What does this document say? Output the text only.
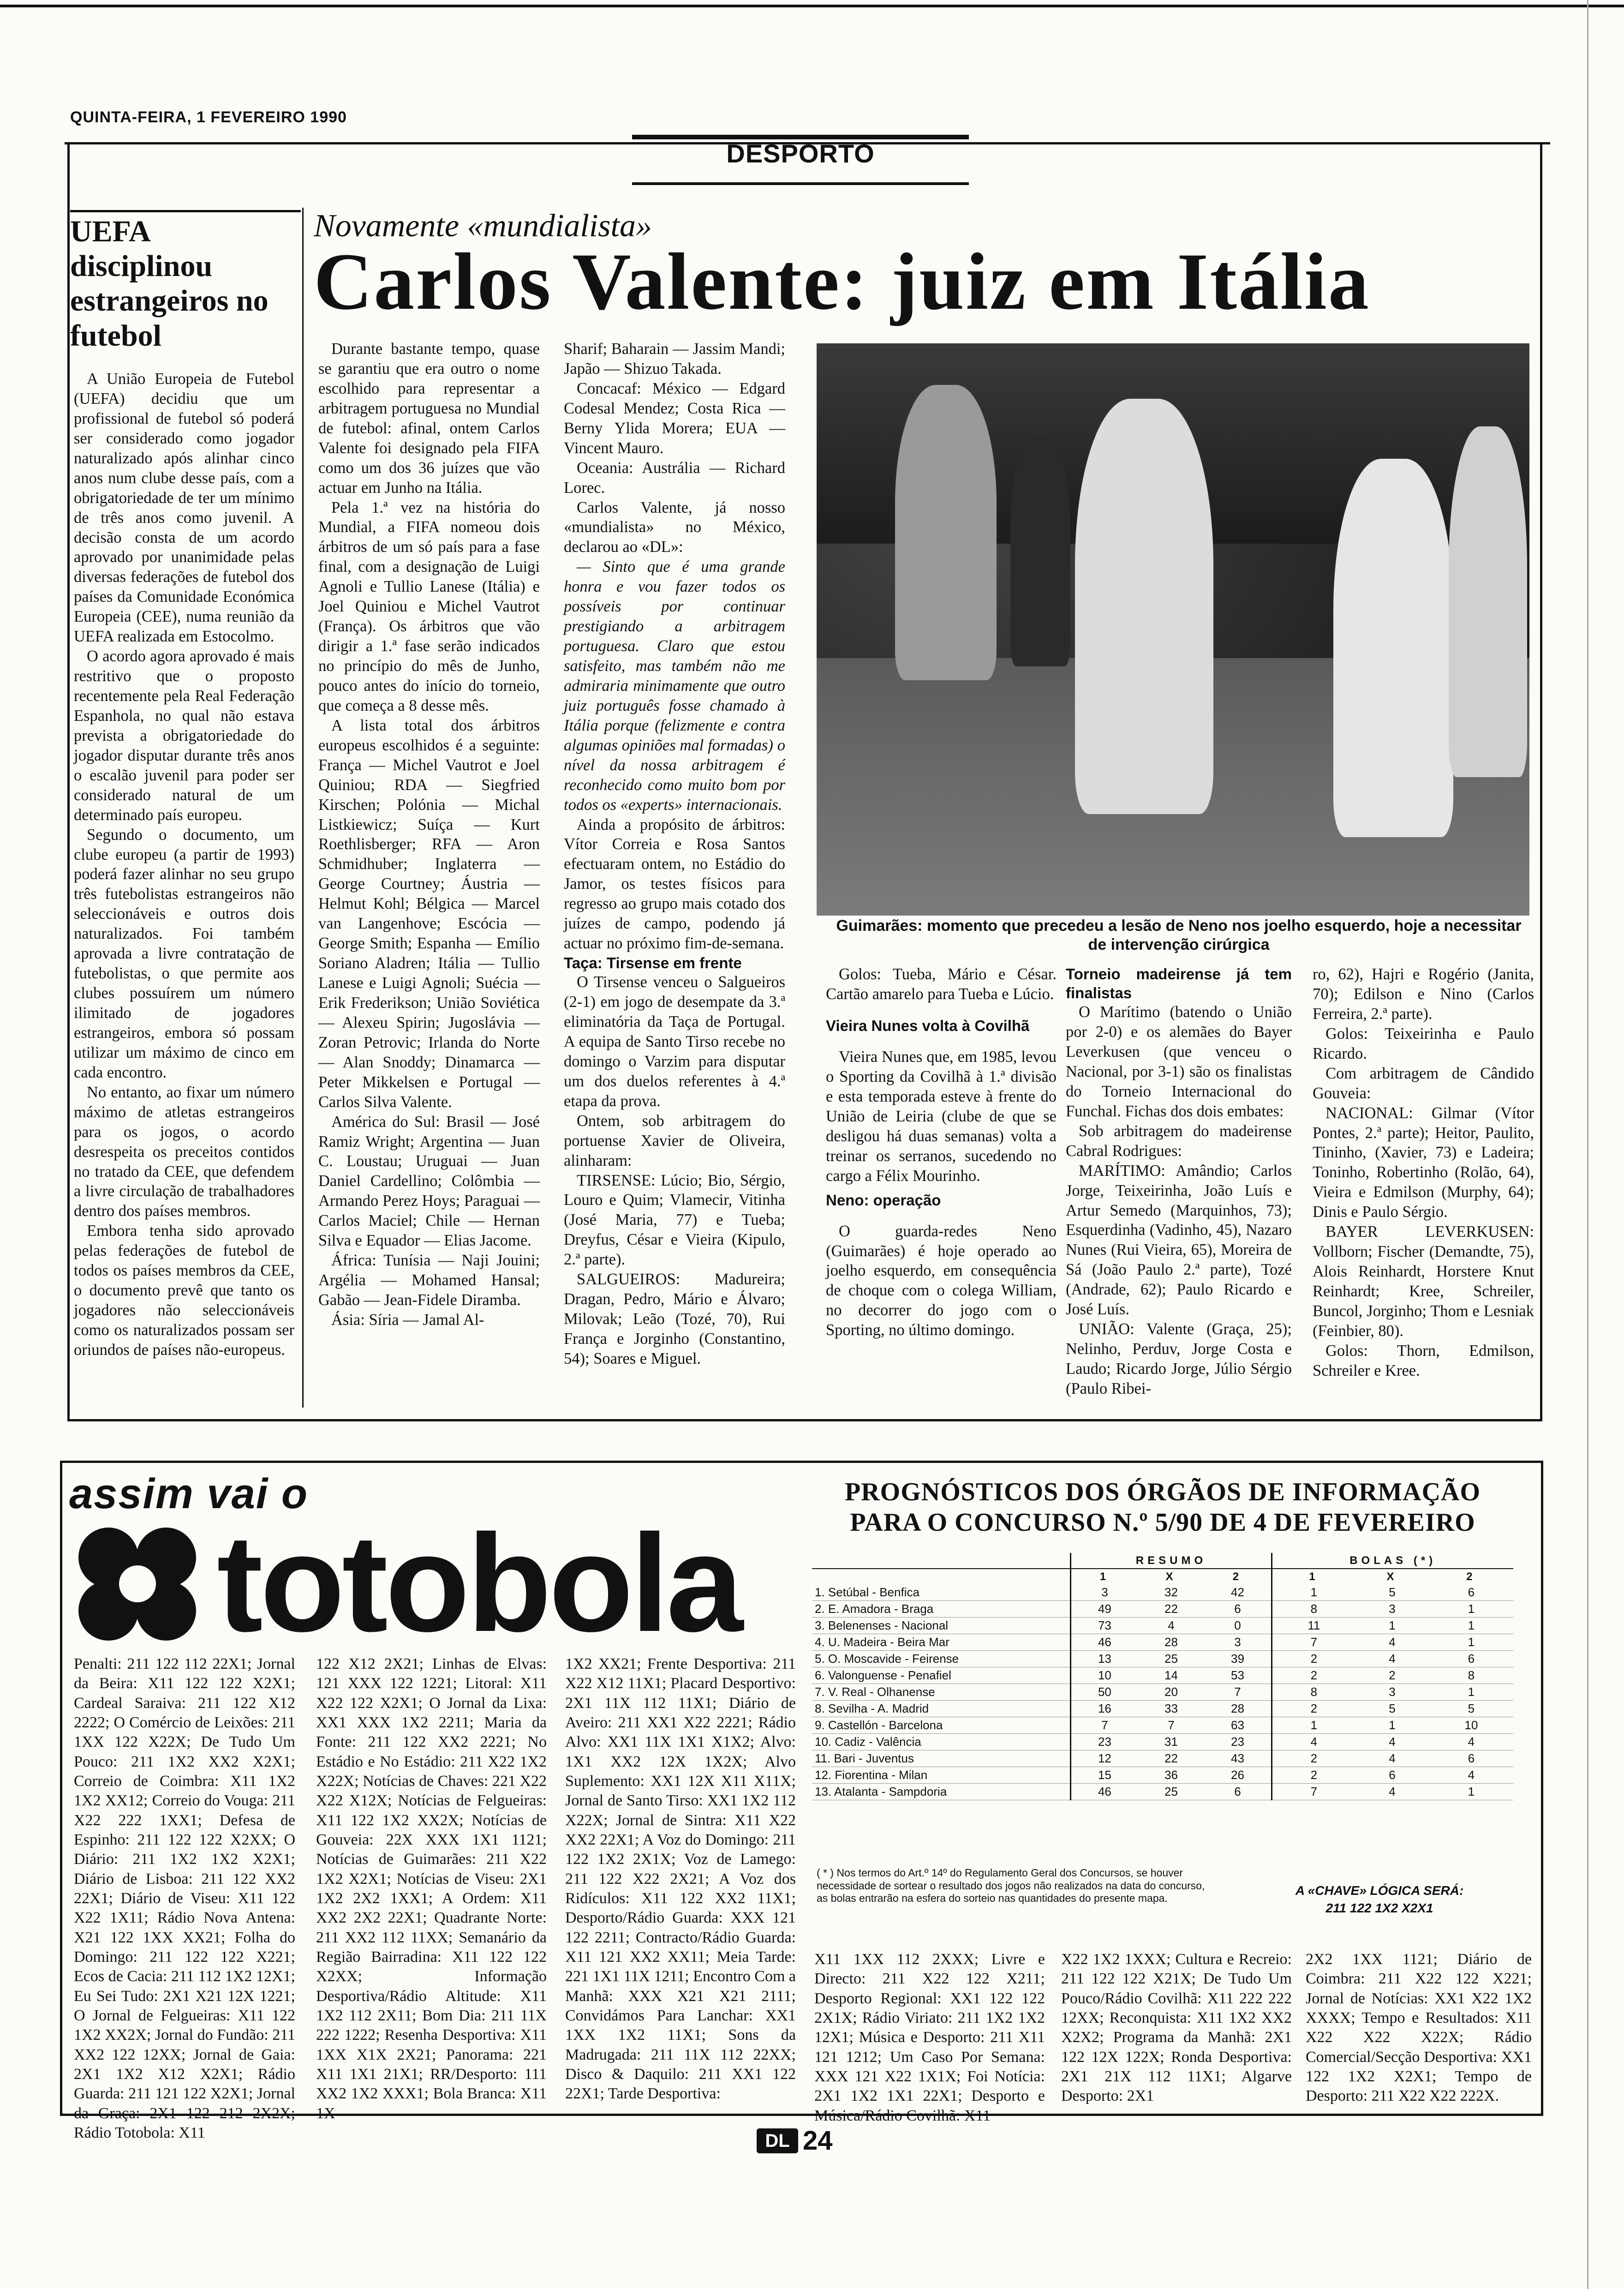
QUINTA-FEIRA, 1 FEVEREIRO 1990
DESPORTO
UEFA disciplinou estrangeiros no futebol

A União Europeia de Futebol (UEFA) decidiu que um profissional de futebol só poderá ser considerado como jogador naturalizado após alinhar cinco anos num clube desse país, com a obrigatoriedade de ter um mínimo de três anos como juvenil. A decisão consta de um acordo aprovado por unanimidade pelas diversas federações de futebol dos países da Comunidade Económica Europeia (CEE), numa reunião da UEFA realizada em Estocolmo.

O acordo agora aprovado é mais restritivo que o proposto recentemente pela Real Federação Espanhola, no qual não estava prevista a obrigatoriedade do jogador disputar durante três anos o escalão juvenil para poder ser considerado natural de um determinado país europeu.

Segundo o documento, um clube europeu (a partir de 1993) poderá fazer alinhar no seu grupo três futebolistas estrangeiros não seleccionáveis e outros dois naturalizados. Foi também aprovada a livre contratação de futebolistas, o que permite aos clubes possuírem um número ilimitado de jogadores estrangeiros, embora só possam utilizar um máximo de cinco em cada encontro.

No entanto, ao fixar um número máximo de atletas estrangeiros para os jogos, o acordo desrespeita os preceitos contidos no tratado da CEE, que defendem a livre circulação de trabalhadores dentro dos países membros.

Embora tenha sido aprovado pelas federações de futebol de todos os países membros da CEE, o documento prevê que tanto os jogadores não seleccionáveis como os naturalizados possam ser oriundos de países não-europeus.

Novamente «mundialista»
Carlos Valente: juiz em Itália

Durante bastante tempo, quase se garantiu que era outro o nome escolhido para representar a arbitragem portuguesa no Mundial de futebol: afinal, ontem Carlos Valente foi designado pela FIFA como um dos 36 juízes que vão actuar em Junho na Itália.

Pela 1.ª vez na história do Mundial, a FIFA nomeou dois árbitros de um só país para a fase final, com a designação de Luigi Agnoli e Tullio Lanese (Itália) e Joel Quiniou e Michel Vautrot (França). Os árbitros que vão dirigir a 1.ª fase serão indicados no princípio do mês de Junho, pouco antes do início do torneio, que começa a 8 desse mês.

A lista total dos árbitros europeus escolhidos é a seguinte: França — Michel Vautrot e Joel Quiniou; RDA — Siegfried Kirschen; Polónia — Michal Listkiewicz; Suíça — Kurt Roethlisberger; RFA — Aron Schmidhuber; Inglaterra — George Courtney; Áustria — Helmut Kohl; Bélgica — Marcel van Langenhove; Escócia — George Smith; Espanha — Emílio Soriano Aladren; Itália — Tullio Lanese e Luigi Agnoli; Suécia — Erik Frederikson; União Soviética — Alexeu Spirin; Jugoslávia — Zoran Petrovic; Irlanda do Norte — Alan Snoddy; Dinamarca — Peter Mikkelsen e Portugal — Carlos Silva Valente.

América do Sul: Brasil — José Ramiz Wright; Argentina — Juan C. Loustau; Uruguai — Juan Daniel Cardellino; Colômbia — Armando Perez Hoys; Paraguai — Carlos Maciel; Chile — Hernan Silva e Equador — Elias Jacome.

África: Tunísia — Naji Jouini; Argélia — Mohamed Hansal; Gabão — Jean-Fidele Diramba.

Ásia: Síria — Jamal Al-

Sharif; Baharain — Jassim Mandi; Japão — Shizuo Takada.

Concacaf: México — Edgard Codesal Mendez; Costa Rica — Berny Ylida Morera; EUA — Vincent Mauro.

Oceania: Austrália — Richard Lorec.

Carlos Valente, já nosso «mundialista» no México, declarou ao «DL»:

— Sinto que é uma grande honra e vou fazer todos os possíveis por continuar prestigiando a arbitragem portuguesa. Claro que estou satisfeito, mas também não me admiraria minimamente que outro juiz português fosse chamado à Itália porque (felizmente e contra algumas opiniões mal formadas) o nível da nossa arbitragem é reconhecido como muito bom por todos os «experts» internacionais.

Ainda a propósito de árbitros: Vítor Correia e Rosa Santos efectuaram ontem, no Estádio do Jamor, os testes físicos para regresso ao grupo mais cotado dos juízes de campo, podendo já actuar no próximo fim-de-semana.

Taça: Tirsense em frente

O Tirsense venceu o Salgueiros (2-1) em jogo de desempate da 3.ª eliminatória da Taça de Portugal. A equipa de Santo Tirso recebe no domingo o Varzim para disputar um dos duelos referentes à 4.ª etapa da prova.

Ontem, sob arbitragem do portuense Xavier de Oliveira, alinharam:

TIRSENSE: Lúcio; Bio, Sérgio, Louro e Quim; Vlamecir, Vitinha (José Maria, 77) e Tueba; Dreyfus, César e Vieira (Kipulo, 2.ª parte).

SALGUEIROS: Madureira; Dragan, Pedro, Mário e Álvaro; Milovak; Leão (Tozé, 70), Rui França e Jorginho (Constantino, 54); Soares e Miguel.

Guimarães: momento que precedeu a lesão de Neno nos joelho esquerdo, hoje a necessitar de intervenção cirúrgica

Golos: Tueba, Mário e César. Cartão amarelo para Tueba e Lúcio.

Vieira Nunes volta à Covilhã

Vieira Nunes que, em 1985, levou o Sporting da Covilhã à 1.ª divisão e esta temporada esteve à frente do União de Leiria (clube de que se desligou há duas semanas) volta a treinar os serranos, sucedendo no cargo a Félix Mourinho.

Neno: operação

O guarda-redes Neno (Guimarães) é hoje operado ao joelho esquerdo, em consequência de choque com o colega William, no decorrer do jogo com o Sporting, no último domingo.

Torneio madeirense já tem finalistas

O Marítimo (batendo o União por 2-0) e os alemães do Bayer Leverkusen (que venceu o Nacional, por 3-1) são os finalistas do Torneio Internacional do Funchal. Fichas dos dois embates:

Sob arbitragem do madeirense Cabral Rodrigues:

MARÍTIMO: Amândio; Carlos Jorge, Teixeirinha, João Luís e Artur Semedo (Marquinhos, 73); Esquerdinha (Vadinho, 45), Nazaro Nunes (Rui Vieira, 65), Moreira de Sá (João Paulo 2.ª parte), Tozé (Andrade, 62); Paulo Ricardo e José Luís.

UNIÃO: Valente (Graça, 25); Nelinho, Perduv, Jorge Costa e Laudo; Ricardo Jorge, Júlio Sérgio (Paulo Ribei-

ro, 62), Hajri e Rogério (Janita, 70); Edilson e Nino (Carlos Ferreira, 2.ª parte).

Golos: Teixeirinha e Paulo Ricardo.

Com arbitragem de Cândido Gouveia:

NACIONAL: Gilmar (Vítor Pontes, 2.ª parte); Heitor, Paulito, Tininho, (Xavier, 73) e Ladeira; Toninho, Robertinho (Rolão, 64), Vieira e Edmilson (Murphy, 64); Dinis e Paulo Sérgio.

BAYER LEVERKUSEN: Vollborn; Fischer (Demandte, 75), Alois Reinhardt, Horstere Knut Reinhardt; Kree, Schreiler, Buncol, Jorginho; Thom e Lesniak (Feinbier, 80).

Golos: Thorn, Edmilson, Schreiler e Kree.

assim vai o
totobola
PROGNÓSTICOS DOS ÓRGÃOS DE INFORMAÇÃO
PARA O CONCURSO N.º 5/90 DE 4 DE FEVEREIRO
	RESUMO			BOLAS (*)		
	1	X	2	1	X	2
1. Setúbal - Benfica	3	32	42	1	5	6
2. E. Amadora - Braga	49	22	6	8	3	1
3. Belenenses - Nacional	73	4	0	11	1	1
4. U. Madeira - Beira Mar	46	28	3	7	4	1
5. O. Moscavide - Feirense	13	25	39	2	4	6
6. Valonguense - Penafiel	10	14	53	2	2	8
7. V. Real - Olhanense	50	20	7	8	3	1
8. Sevilha - A. Madrid	16	33	28	2	5	5
9. Castellón - Barcelona	7	7	63	1	1	10
10. Cadiz - Valência	23	31	23	4	4	4
11. Bari - Juventus	12	22	43	2	4	6
12. Fiorentina - Milan	15	36	26	2	6	4
13. Atalanta - Sampdoria	46	25	6	7	4	1
( * ) Nos termos do Art.º 14º do Regulamento Geral dos Concursos, se houver necessidade de sortear o resultado dos jogos não realizados na data do concurso, as bolas entrarão na esfera do sorteio nas quantidades do presente mapa.
A «CHAVE» LÓGICA SERÁ:
211 122 1X2 X2X1
Penalti: 211 122 112 22X1; Jornal da Beira: X11 122 122 X2X1; Cardeal Saraiva: 211 122 X12 2222; O Comércio de Leixões: 211 1XX 122 X22X; De Tudo Um Pouco: 211 1X2 XX2 X2X1; Correio de Coimbra: X11 1X2 1X2 XX12; Correio do Vouga: 211 X22 222 1XX1; Defesa de Espinho: 211 122 122 X2XX; O Diário: 211 1X2 1X2 X2X1; Diário de Lisboa: 211 122 XX2 22X1; Diário de Viseu: X11 122 X22 1X11; Rádio Nova Antena: X21 122 1XX XX21; Folha do Domingo: 211 122 122 X221; Ecos de Cacia: 211 112 1X2 12X1; Eu Sei Tudo: 2X1 X21 12X 1221; O Jornal de Felgueiras: X11 122 1X2 XX2X; Jornal do Fundão: 211 XX2 122 12XX; Jornal de Gaia: 2X1 1X2 X12 X2X1; Rádio Guarda: 211 121 122 X2X1; Jornal da Graça: 2X1 122 212 2X2X; Rádio Totobola: X11
122 X12 2X21; Linhas de Elvas: 121 XXX 122 1221; Litoral: X11 X22 122 X2X1; O Jornal da Lixa: XX1 XXX 1X2 2211; Maria da Fonte: 211 122 XX2 2221; No Estádio e No Estádio: 211 X22 1X2 X22X; Notícias de Chaves: 221 X22 X22 X12X; Notícias de Felgueiras: X11 122 1X2 XX2X; Notícias de Gouveia: 22X XXX 1X1 1121; Notícias de Guimarães: 211 X22 1X2 X2X1; Notícias de Viseu: 2X1 1X2 2X2 1XX1; A Ordem: X11 XX2 2X2 22X1; Quadrante Norte: 211 XX2 112 11XX; Semanário da Região Bairradina: X11 122 122 X2XX; Informação Desportiva/Rádio Altitude: X11 1X2 112 2X11; Bom Dia: 211 11X 222 1222; Resenha Desportiva: X11 1XX X1X 2X21; Panorama: 221 X11 1X1 21X1; RR/Desporto: 111 XX2 1X2 XXX1; Bola Branca: X11 1X
1X2 XX21; Frente Desportiva: 211 X22 X12 11X1; Placard Desportivo: 2X1 11X 112 11X1; Diário de Aveiro: 211 XX1 X22 2221; Rádio Alvo: XX1 11X 1X1 X1X2; Alvo: 1X1 XX2 12X 1X2X; Alvo Suplemento: XX1 12X X11 X11X; Jornal de Santo Tirso: XX1 1X2 112 X22X; Jornal de Sintra: X11 X22 XX2 22X1; A Voz do Domingo: 211 122 1X2 2X1X; Voz de Lamego: 211 122 X22 2X21; A Voz dos Ridículos: X11 122 XX2 11X1; Desporto/Rádio Guarda: XXX 121 122 2211; Contracto/Rádio Guarda: X11 121 XX2 XX11; Meia Tarde: 221 1X1 11X 1211; Encontro Com a Manhã: XXX X21 X21 2111; Convidámos Para Lanchar: XX1 1XX 1X2 11X1; Sons da Madrugada: 211 11X 112 22XX; Disco & Daquilo: 211 XX1 122 22X1; Tarde Desportiva:
X11 1XX 112 2XXX; Livre e Directo: 211 X22 122 X211; Desporto Regional: XX1 122 122 2X1X; Rádio Viriato: 211 1X2 1X2 12X1; Música e Desporto: 211 X11 121 1212; Um Caso Por Semana: XXX 121 X22 1X1X; Foi Notícia: 2X1 1X2 1X1 22X1; Desporto e Música/Rádio Covilhã: X11
X22 1X2 1XXX; Cultura e Recreio: 211 122 122 X21X; De Tudo Um Pouco/Rádio Covilhã: X11 222 222 12XX; Reconquista: X11 1X2 XX2 X2X2; Programa da Manhã: 2X1 122 12X 122X; Ronda Desportiva: 2X1 21X 112 11X1; Algarve Desporto: 2X1
2X2 1XX 1121; Diário de Coimbra: 211 X22 122 X221; Jornal de Notícias: XX1 X22 1X2 XXXX; Tempo e Resultados: X11 X22 X22 X22X; Rádio Comercial/Secção Desportiva: XX1 122 1X2 X2X1; Tempo de Desporto: 211 X22 X22 222X.
DL 24
